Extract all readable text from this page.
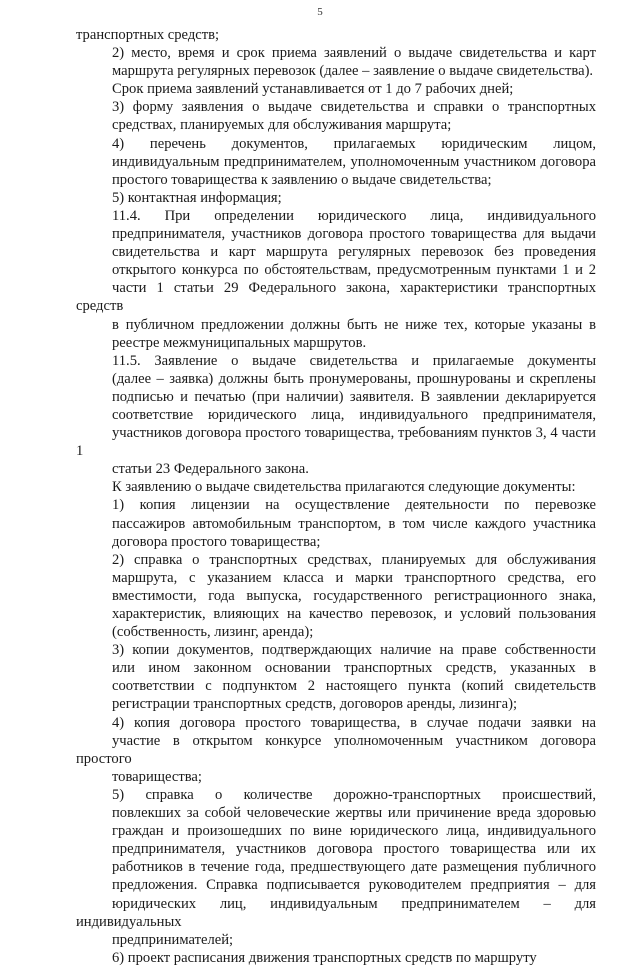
5
транспортных средств;
2) место, время и срок приема заявлений о выдаче свидетельства и карт
маршрута регулярных перевозок (далее – заявление о выдаче свидетельства).
Срок приема заявлений устанавливается от 1 до 7 рабочих дней;
3) форму заявления о выдаче свидетельства и справки о транспортных
средствах, планируемых для обслуживания маршрута;
4) перечень документов, прилагаемых юридическим лицом,
индивидуальным предпринимателем, уполномоченным участником договора
простого товарищества к заявлению о выдаче свидетельства;
5) контактная информация;
11.4. При определении юридического лица, индивидуального
предпринимателя, участников договора простого товарищества для выдачи
свидетельства и карт маршрута регулярных перевозок без проведения
открытого конкурса по обстоятельствам, предусмотренным пунктами 1 и 2
части 1 статьи 29 Федерального закона, характеристики транспортных средств
в публичном предложении должны быть не ниже тех, которые указаны в
реестре межмуниципальных маршрутов.
11.5. Заявление о выдаче свидетельства и прилагаемые документы
(далее – заявка) должны быть пронумерованы, прошнурованы и скреплены
подписью и печатью (при наличии) заявителя. В заявлении декларируется
соответствие юридического лица, индивидуального предпринимателя,
участников договора простого товарищества, требованиям пунктов 3, 4 части 1
статьи 23 Федерального закона.
К заявлению о выдаче свидетельства прилагаются следующие документы:
1) копия лицензии на осуществление деятельности по перевозке
пассажиров автомобильным транспортом, в том числе каждого участника
договора простого товарищества;
2) справка о транспортных средствах, планируемых для обслуживания
маршрута, с указанием класса и марки транспортного средства, его
вместимости, года выпуска, государственного регистрационного знака,
характеристик, влияющих на качество перевозок, и условий пользования
(собственность, лизинг, аренда);
3) копии документов, подтверждающих наличие на праве собственности
или ином законном основании транспортных средств, указанных в
соответствии с подпунктом 2 настоящего пункта (копий свидетельств
регистрации транспортных средств, договоров аренды, лизинга);
4) копия договора простого товарищества, в случае подачи заявки на
участие в открытом конкурсе уполномоченным участником договора простого
товарищества;
5) справка о количестве дорожно-транспортных происшествий,
повлекших за собой человеческие жертвы или причинение вреда здоровью
граждан и произошедших по вине юридического лица, индивидуального
предпринимателя, участников договора простого товарищества или их
работников в течение года, предшествующего дате размещения публичного
предложения. Справка подписывается руководителем предприятия – для
юридических лиц, индивидуальным предпринимателем – для индивидуальных
предпринимателей;
6) проект расписания движения транспортных средств по маршруту
